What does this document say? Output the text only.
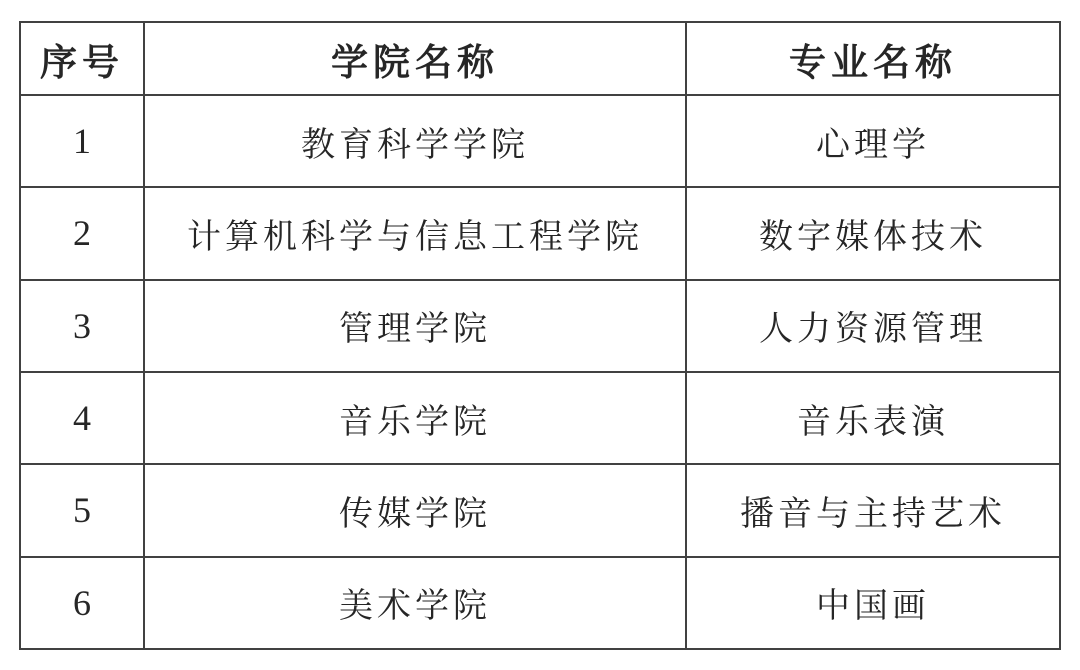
序号	学院名称	专业名称
1	教育科学学院	心理学
2	计算机科学与信息工程学院	数字媒体技术
3	管理学院	人力资源管理
4	音乐学院	音乐表演
5	传媒学院	播音与主持艺术
6	美术学院	中国画
